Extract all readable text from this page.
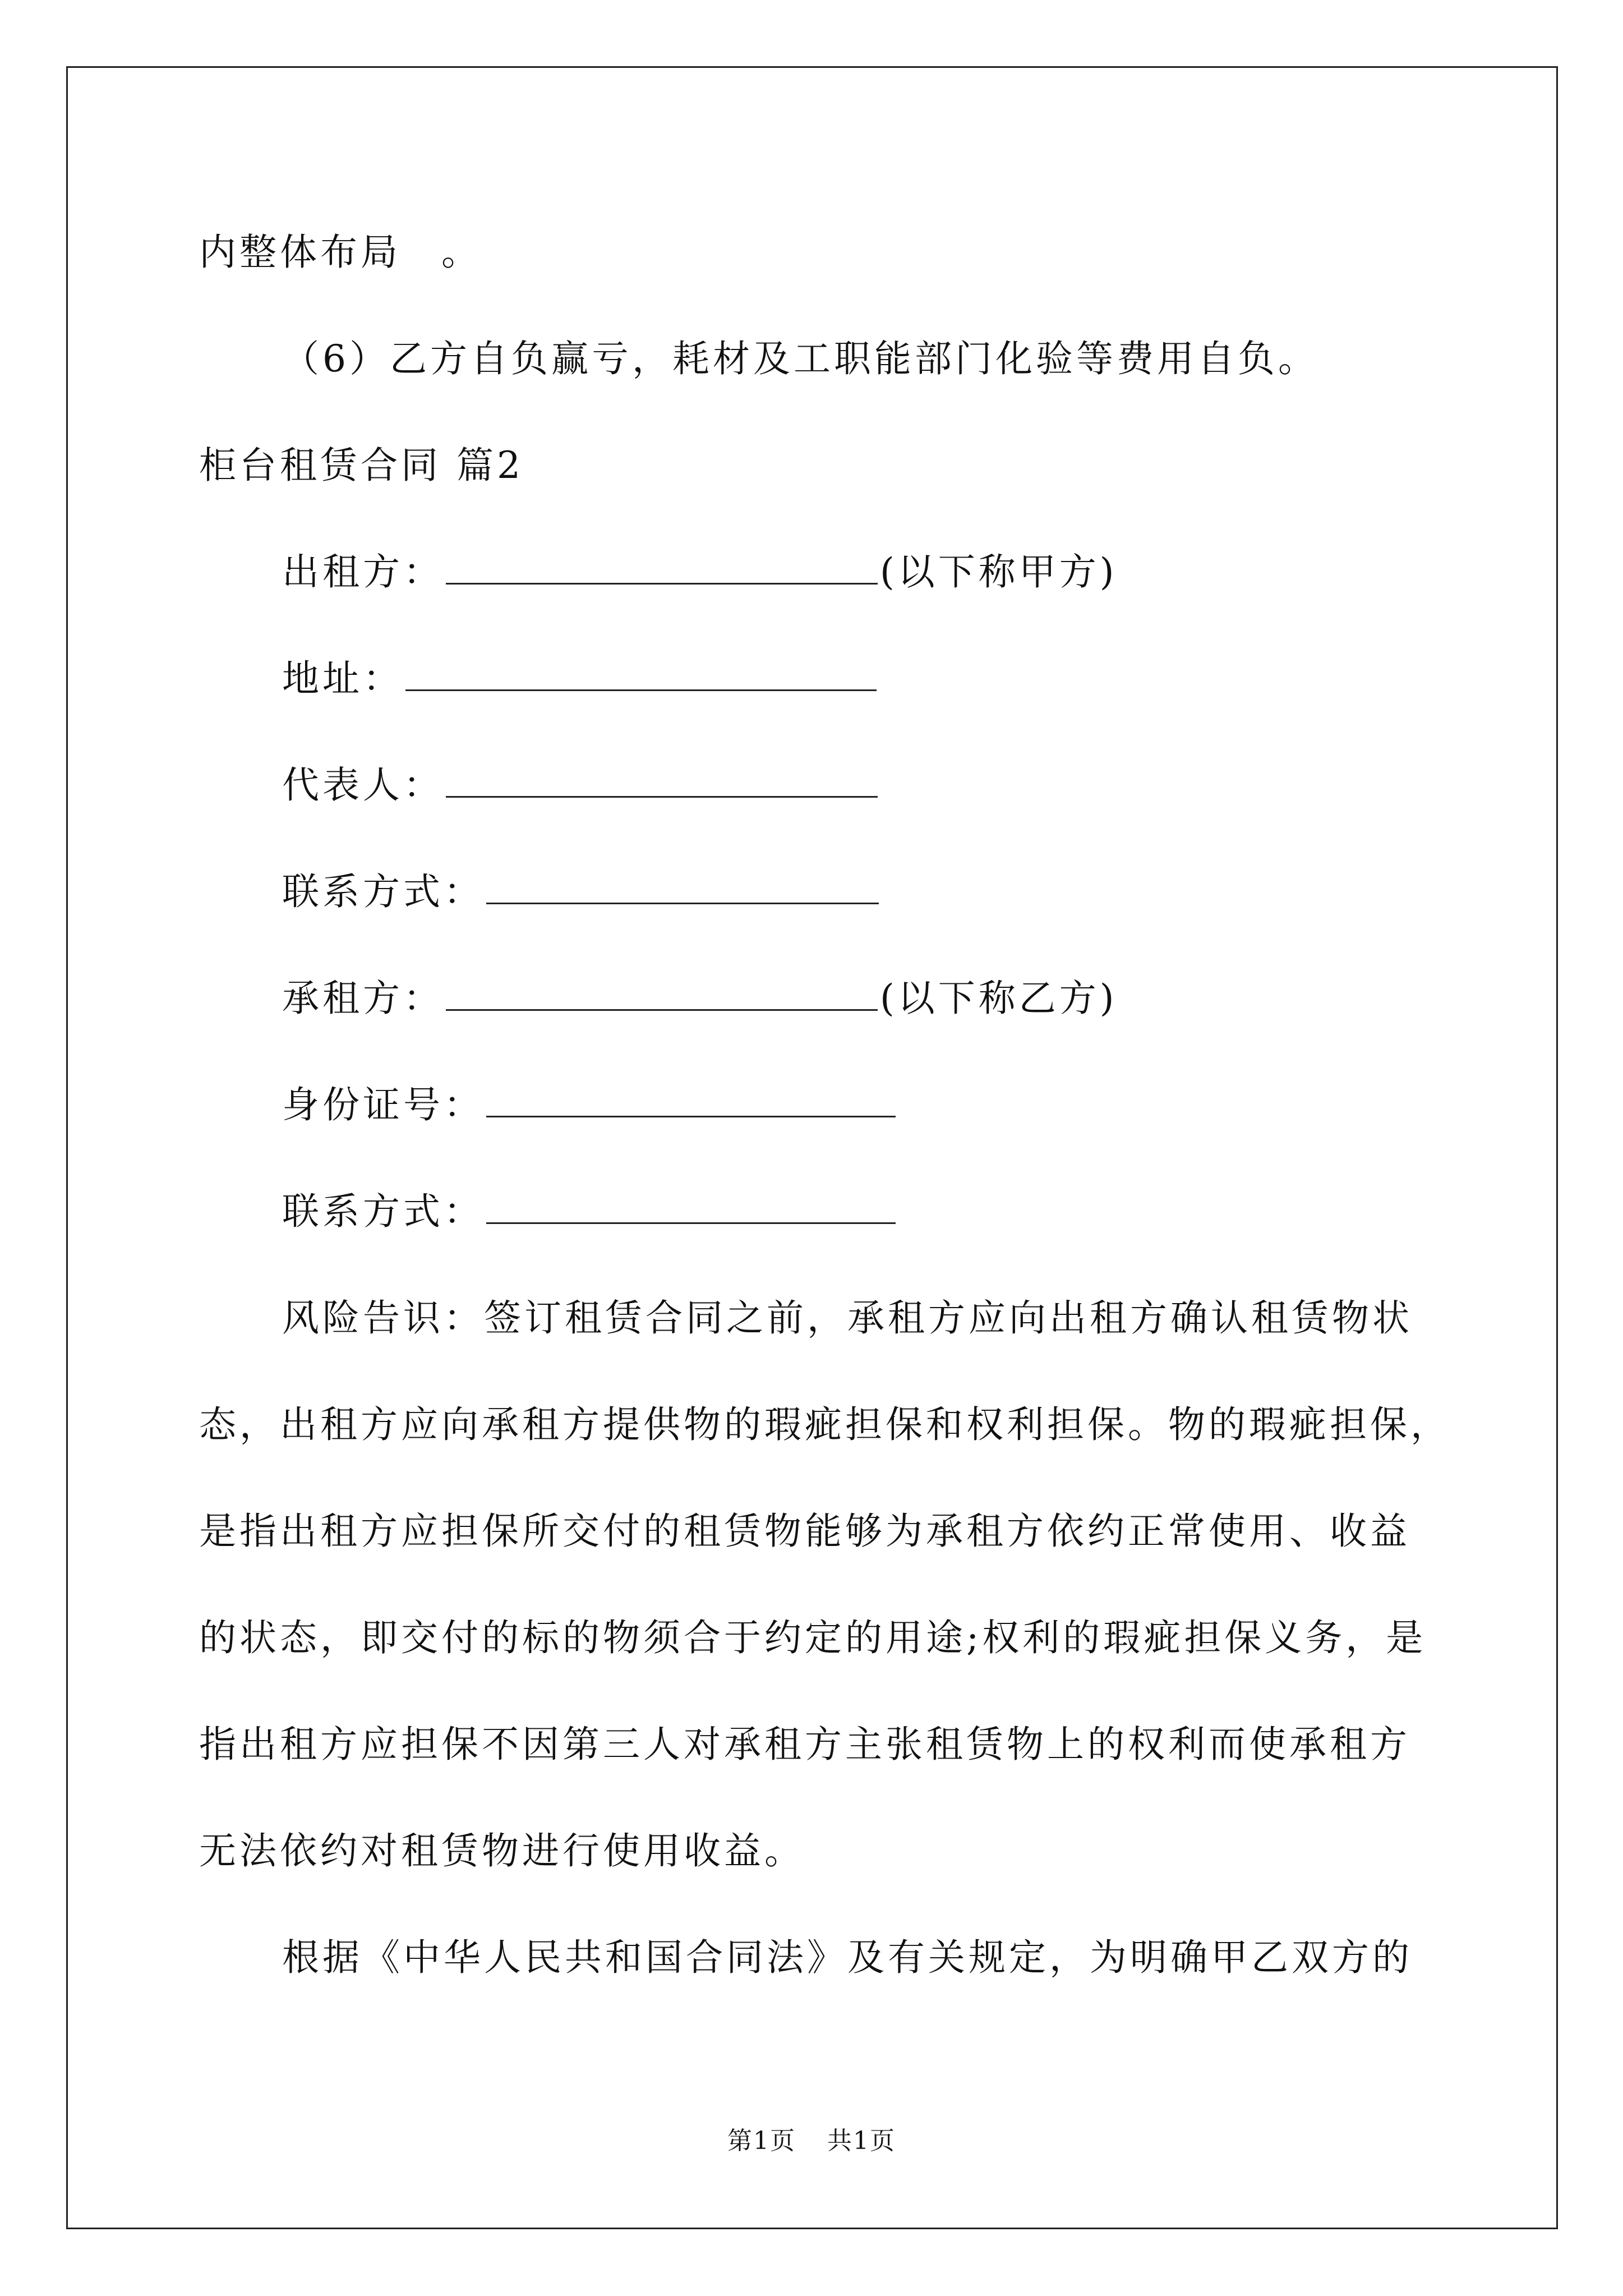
内整体布局　。
（6）乙方自负赢亏，耗材及工职能部门化验等费用自负。
柜台租赁合同 篇2
出租方：	(以下称甲方)
地址：
代表人：
联系方式：
承租方：	(以下称乙方)
身份证号：
联系方式：
风险告识：签订租赁合同之前，承租方应向出租方确认租赁物状
态，出租方应向承租方提供物的瑕疵担保和权利担保。物的瑕疵担保，
是指出租方应担保所交付的租赁物能够为承租方依约正常使用、收益
的状态，即交付的标的物须合于约定的用途;权利的瑕疵担保义务，是
指出租方应担保不因第三人对承租方主张租赁物上的权利而使承租方
无法依约对租赁物进行使用收益。
根据《中华人民共和国合同法》及有关规定，为明确甲乙双方的
第1页 共1页
